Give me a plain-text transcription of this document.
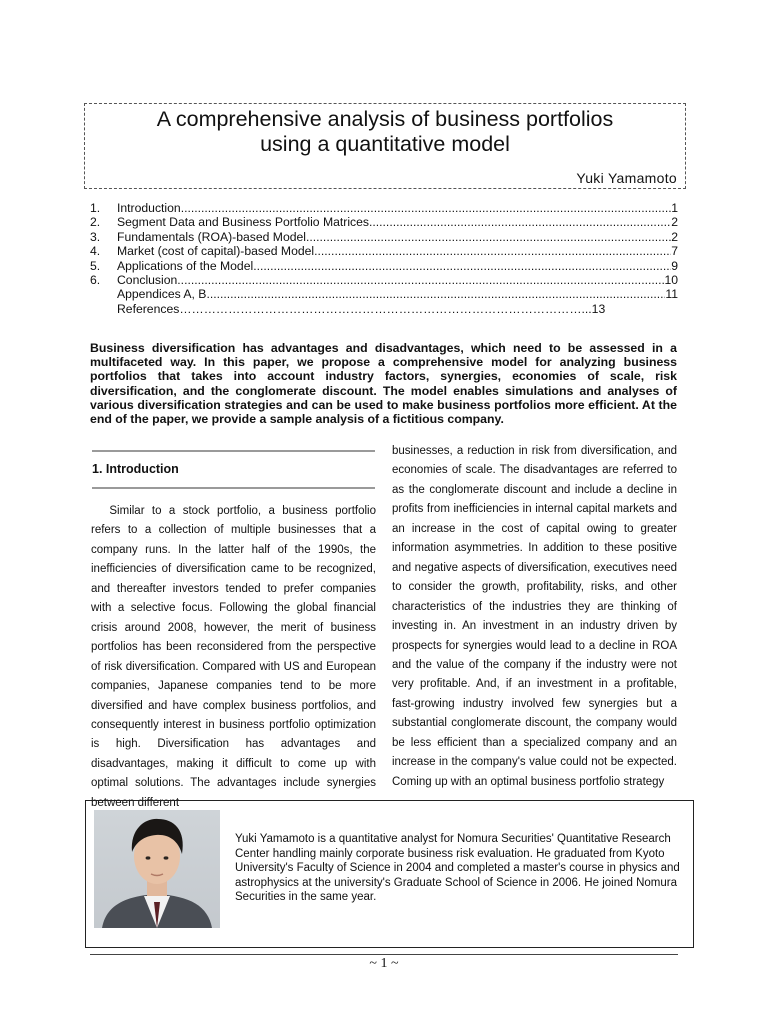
A comprehensive analysis of business portfolios
using a quantitative model
Yuki Yamamoto
1.	Introduction .....	1
2.	Segment Data and Business Portfolio Matrices .....	2
3.	Fundamentals (ROA)-based Model .....	2
4.	Market (cost of capital)-based Model .....	7
5.	Applications of the Model .....	9
6.	Conclusion .....	10
Appendices A, B .....	11
References………………………………………………………………………………………... 13
Business diversification has advantages and disadvantages, which need to be assessed in a multifaceted way. In this paper, we propose a comprehensive model for analyzing business portfolios that takes into account industry factors, synergies, economies of scale, risk diversification, and the conglomerate discount. The model enables simulations and analyses of various diversification strategies and can be used to make business portfolios more efficient. At the end of the paper, we provide a sample analysis of a fictitious company.
1. Introduction
Similar to a stock portfolio, a business portfolio refers to a collection of multiple businesses that a company runs. In the latter half of the 1990s, the inefficiencies of diversification came to be recognized, and thereafter investors tended to prefer companies with a selective focus. Following the global financial crisis around 2008, however, the merit of business portfolios has been reconsidered from the perspective of risk diversification. Compared with US and European companies, Japanese companies tend to be more diversified and have complex business portfolios, and consequently interest in business portfolio optimization is high. Diversification has advantages and disadvantages, making it difficult to come up with optimal solutions. The advantages include synergies between different
businesses, a reduction in risk from diversification, and economies of scale. The disadvantages are referred to as the conglomerate discount and include a decline in profits from inefficiencies in internal capital markets and an increase in the cost of capital owing to greater information asymmetries. In addition to these positive and negative aspects of diversification, executives need to consider the growth, profitability, risks, and other characteristics of the industries they are thinking of investing in. An investment in an industry driven by prospects for synergies would lead to a decline in ROA and the value of the company if the industry were not very profitable. And, if an investment in a profitable, fast-growing industry involved few synergies but a substantial conglomerate discount, the company would be less efficient than a specialized company and an increase in the company's value could not be expected. Coming up with an optimal business portfolio strategy
Yuki Yamamoto is a quantitative analyst for Nomura Securities' Quantitative Research Center handling mainly corporate business risk evaluation. He graduated from Kyoto University's Faculty of Science in 2004 and completed a master's course in physics and astrophysics at the university's Graduate School of Science in 2006. He joined Nomura Securities in the same year.
~ 1 ~
